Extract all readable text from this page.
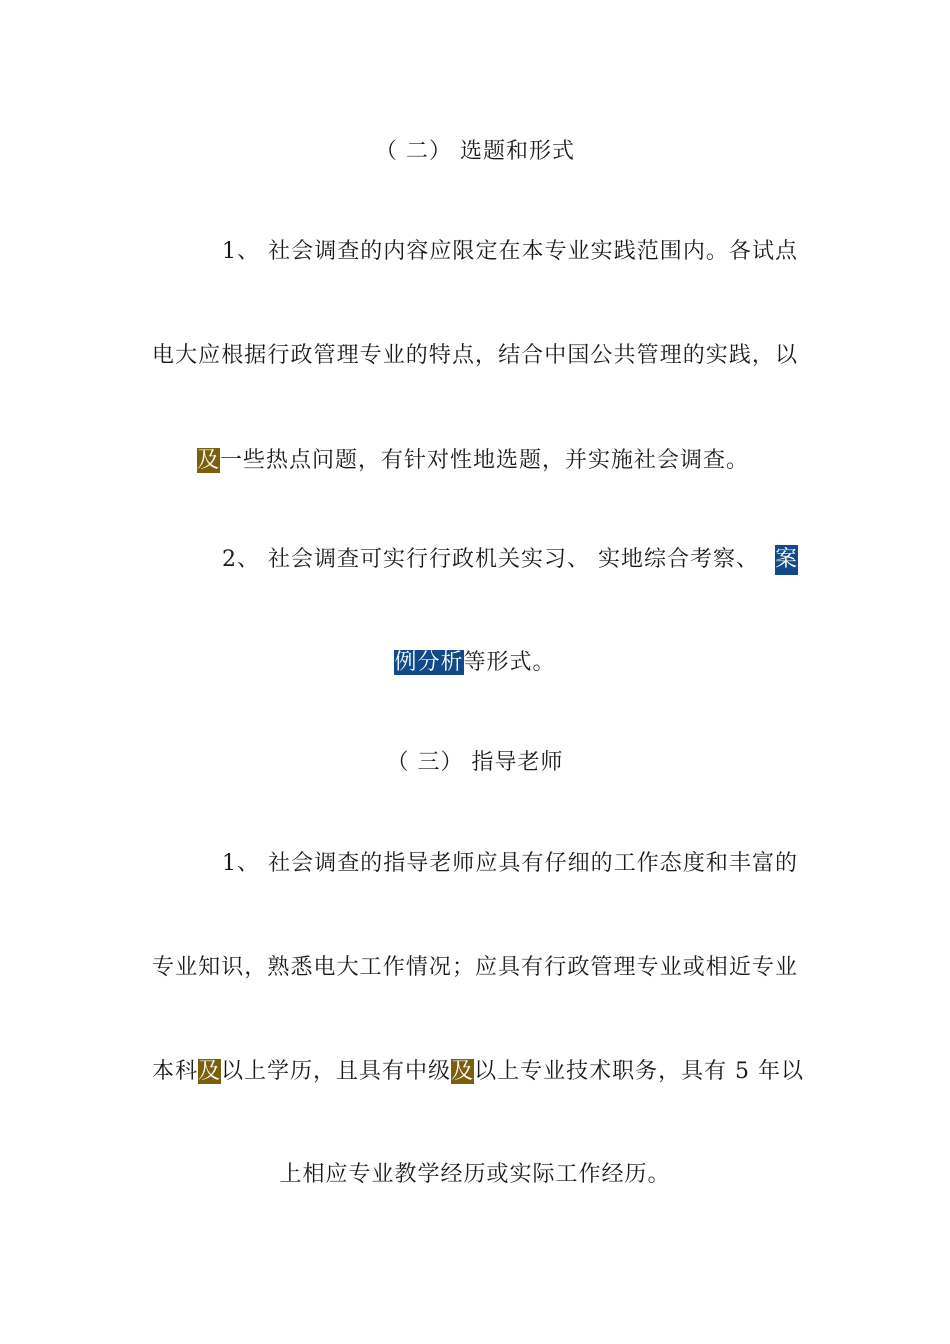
（ 二） 选题和形式
1、 社会调查的内容应限定在本专业实践范围内。各试点
电大应根据行政管理专业的特点，结合中国公共管理的实践，以
及一些热点问题，有针对性地选题，并实施社会调查。
2、 社会调查可实行行政机关实习、 实地综合考察、 案
例分析等形式。
（ 三） 指导老师
1、 社会调查的指导老师应具有仔细的工作态度和丰富的
专业知识，熟悉电大工作情况；应具有行政管理专业或相近专业
本科及以上学历，且具有中级及以上专业技术职务，具有 5 年以
上相应专业教学经历或实际工作经历。
